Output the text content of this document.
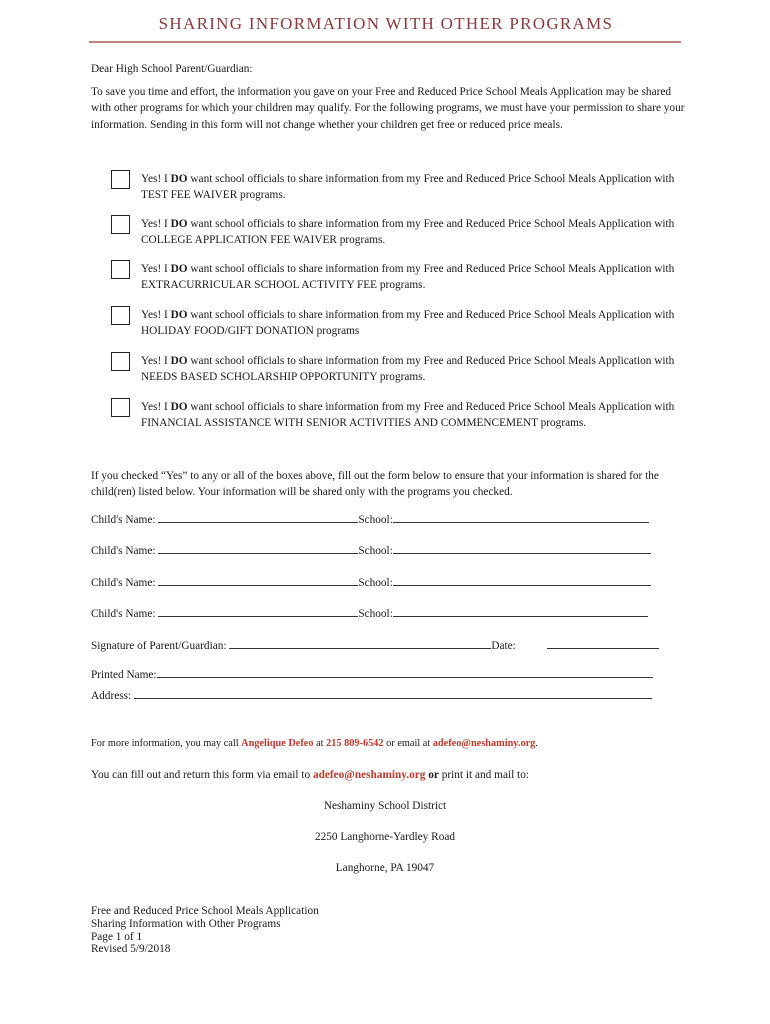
SHARING INFORMATION WITH OTHER PROGRAMS

Dear High School Parent/Guardian:

To save you time and effort, the information you gave on your Free and Reduced Price School Meals Application may be shared with other programs for which your children may qualify. For the following programs, we must have your permission to share your information. Sending in this form will not change whether your children get free or reduced price meals.

Yes! I DO want school officials to share information from my Free and Reduced Price School Meals Application with TEST FEE WAIVER programs.

Yes! I DO want school officials to share information from my Free and Reduced Price School Meals Application with COLLEGE APPLICATION FEE WAIVER programs.

Yes! I DO want school officials to share information from my Free and Reduced Price School Meals Application with EXTRACURRICULAR SCHOOL ACTIVITY FEE programs.

Yes! I DO want school officials to share information from my Free and Reduced Price School Meals Application with HOLIDAY FOOD/GIFT DONATION programs

Yes! I DO want school officials to share information from my Free and Reduced Price School Meals Application with NEEDS BASED SCHOLARSHIP OPPORTUNITY programs.

Yes! I DO want school officials to share information from my Free and Reduced Price School Meals Application with FINANCIAL ASSISTANCE WITH SENIOR ACTIVITIES AND COMMENCEMENT programs.

If you checked “Yes” to any or all of the boxes above, fill out the form below to ensure that your information is shared for the child(ren) listed below. Your information will be shared only with the programs you checked.

Child's Name:	School:
Child's Name:	School:
Child's Name:	School:
Child's Name:	School:
Signature of Parent/Guardian:	Date:
Printed Name:
Address:
For more information, you may call Angelique Defeo at 215 809-6542 or email at adefeo@neshaminy.org.
You can fill out and return this form via email to adefeo@neshaminy.org or print it and mail to:
Neshaminy School District
2250 Langhorne-Yardley Road
Langhorne, PA 19047
Free and Reduced Price School Meals Application
Sharing Information with Other Programs
Page 1 of 1
Revised 5/9/2018
